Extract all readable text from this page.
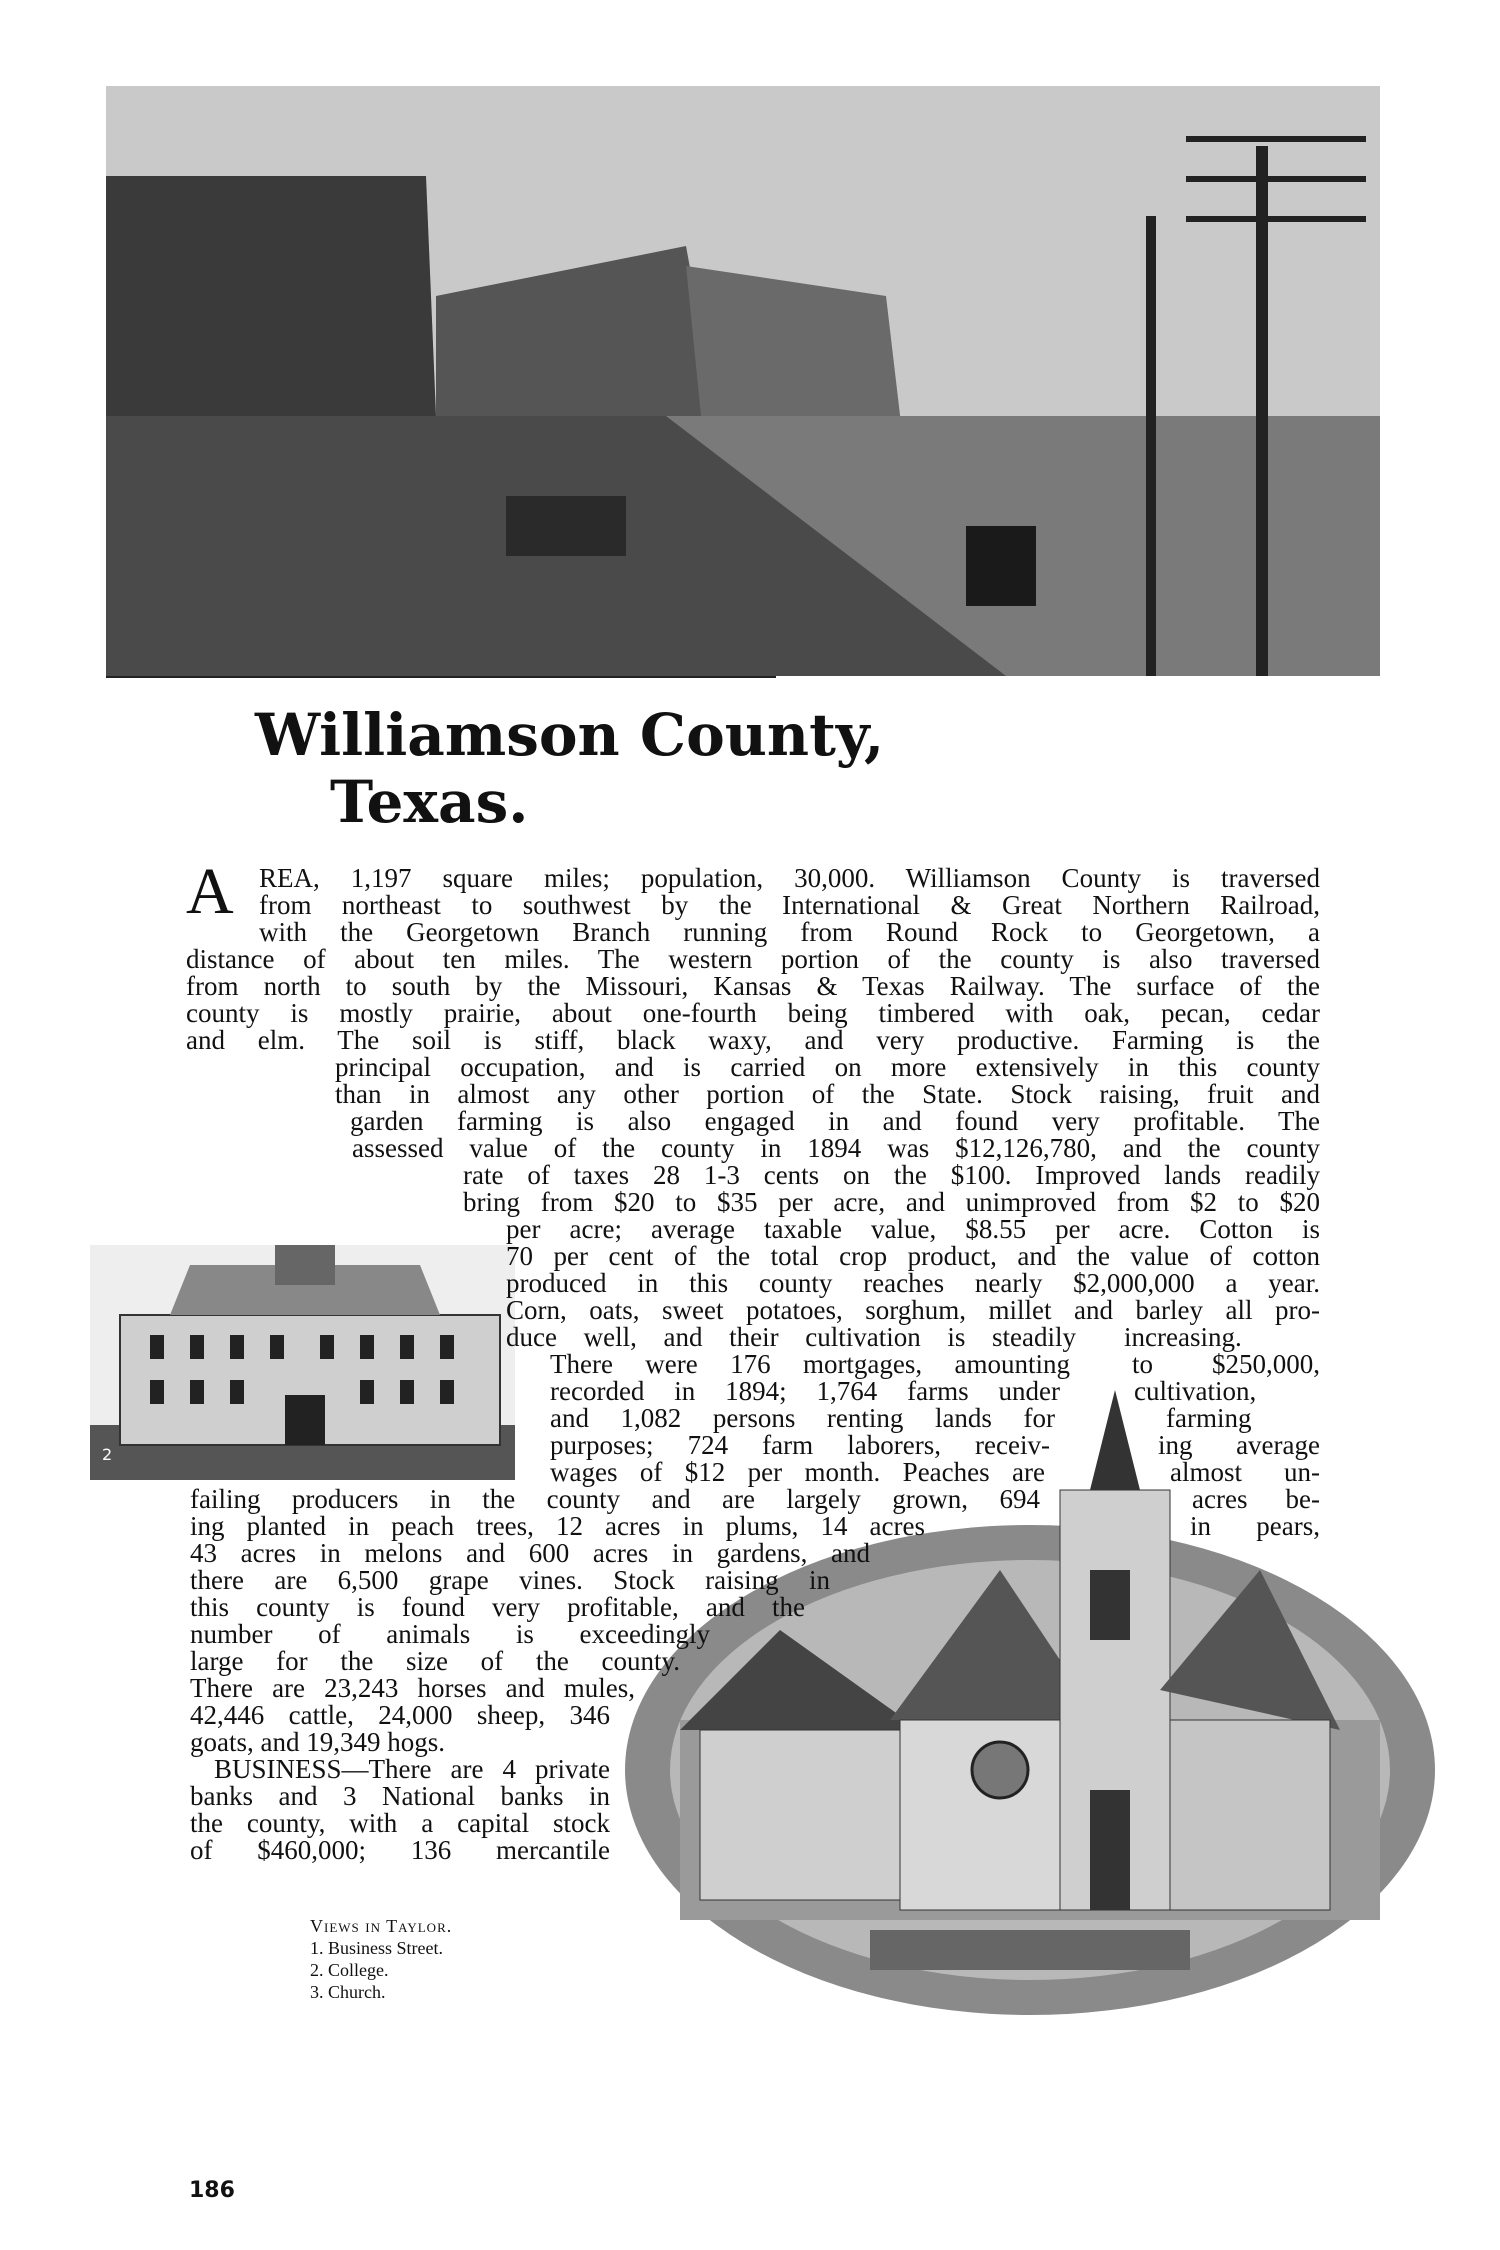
1
Williamson County,
Texas.
A
2
3
REA, 1,197 square miles; population, 30,000. Williamson County is traversed
from northeast to southwest by the International & Great Northern Railroad,
with the Georgetown Branch running from Round Rock to Georgetown, a
distance of about ten miles. The western portion of the county is also traversed
from north to south by the Missouri, Kansas & Texas Railway. The surface of the
county is mostly prairie, about one-fourth being timbered with oak, pecan, cedar
and elm. The soil is stiff, black waxy, and very productive. Farming is the
principal occupation, and is carried on more extensively in this county
than in almost any other portion of the State. Stock raising, fruit and
garden farming is also engaged in and found very profitable. The
assessed value of the county in 1894 was $12,126,780, and the county
rate of taxes 28 1-3 cents on the $100. Improved lands readily
bring from $20 to $35 per acre, and unimproved from $2 to $20
per acre; average taxable value, $8.55 per acre. Cotton is
70 per cent of the total crop product, and the value of cotton
produced in this county reaches nearly $2,000,000 a year.
Corn, oats, sweet potatoes, sorghum, millet and barley all pro-
duce well, and their cultivation is steadily
There were 176 mortgages, amounting
recorded in 1894; 1,764 farms under
and 1,082 persons renting lands for
purposes; 724 farm laborers, receiv-
wages of $12 per month. Peaches are
failing producers in the county and are largely grown, 694
ing planted in peach trees, 12 acres in plums, 14 acres
43 acres in melons and 600 acres in gardens, and
there are 6,500 grape vines. Stock raising in
this county is found very profitable, and the
number of animals is exceedingly
large for the size of the county.
There are 23,243 horses and mules,
42,446 cattle, 24,000 sheep, 346
goats, and 19,349 hogs.
BUSINESS—There are 4 private
banks and 3 National banks in
the county, with a capital stock
of $460,000; 136 mercantile
increasing.
to $250,000,
cultivation,
farming
ing average
almost un-
acres be-
in pears,
Views in Taylor.
1. Business Street.
2. College.
3. Church.
186
